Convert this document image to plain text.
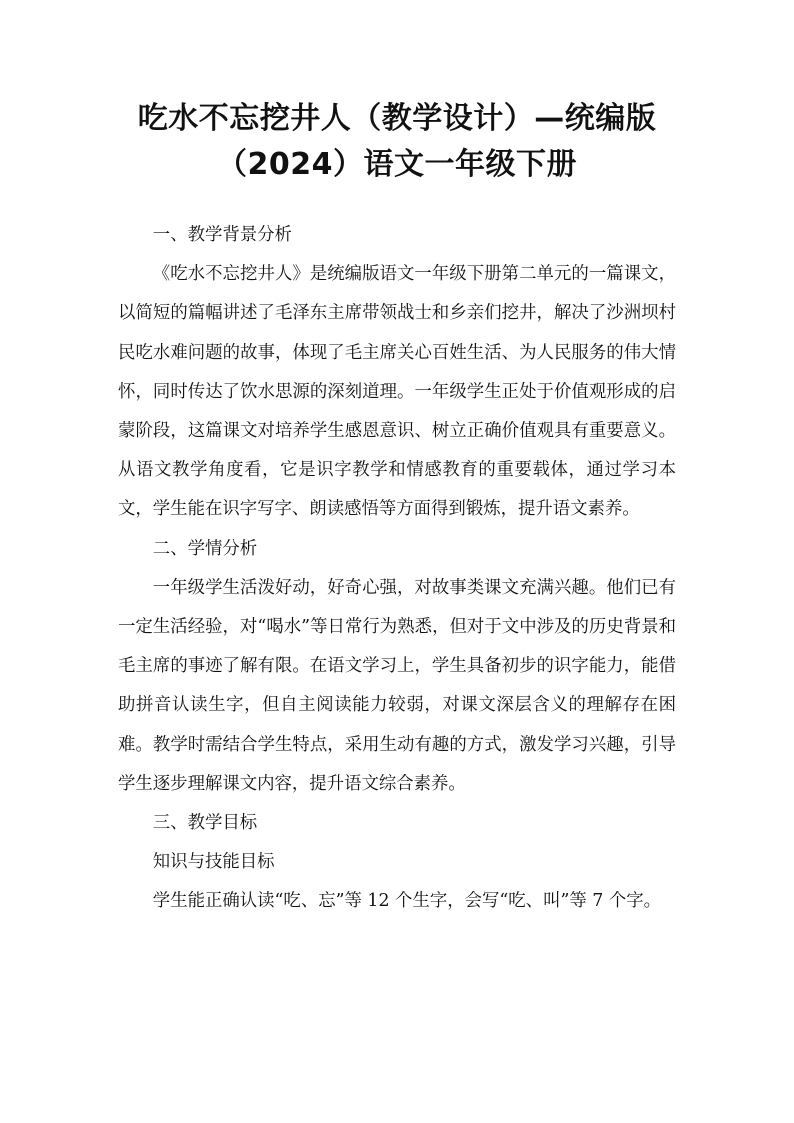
吃水不忘挖井人（教学设计）—统编版
（2024）语文一年级下册

一、教学背景分析

《吃水不忘挖井人》是统编版语文一年级下册第二单元的一篇课文，以简短的篇幅讲述了毛泽东主席带领战士和乡亲们挖井，解决了沙洲坝村民吃水难问题的故事，体现了毛主席关心百姓生活、为人民服务的伟大情怀，同时传达了饮水思源的深刻道理。一年级学生正处于价值观形成的启蒙阶段，这篇课文对培养学生感恩意识、树立正确价值观具有重要意义。从语文教学角度看，它是识字教学和情感教育的重要载体，通过学习本文，学生能在识字写字、朗读感悟等方面得到锻炼，提升语文素养。

二、学情分析

一年级学生活泼好动，好奇心强，对故事类课文充满兴趣。他们已有一定生活经验，对“喝水”等日常行为熟悉，但对于文中涉及的历史背景和毛主席的事迹了解有限。在语文学习上，学生具备初步的识字能力，能借助拼音认读生字，但自主阅读能力较弱，对课文深层含义的理解存在困难。教学时需结合学生特点，采用生动有趣的方式，激发学习兴趣，引导学生逐步理解课文内容，提升语文综合素养。

三、教学目标

知识与技能目标

学生能正确认读“吃、忘”等 12 个生字，会写“吃、叫”等 7 个字。
